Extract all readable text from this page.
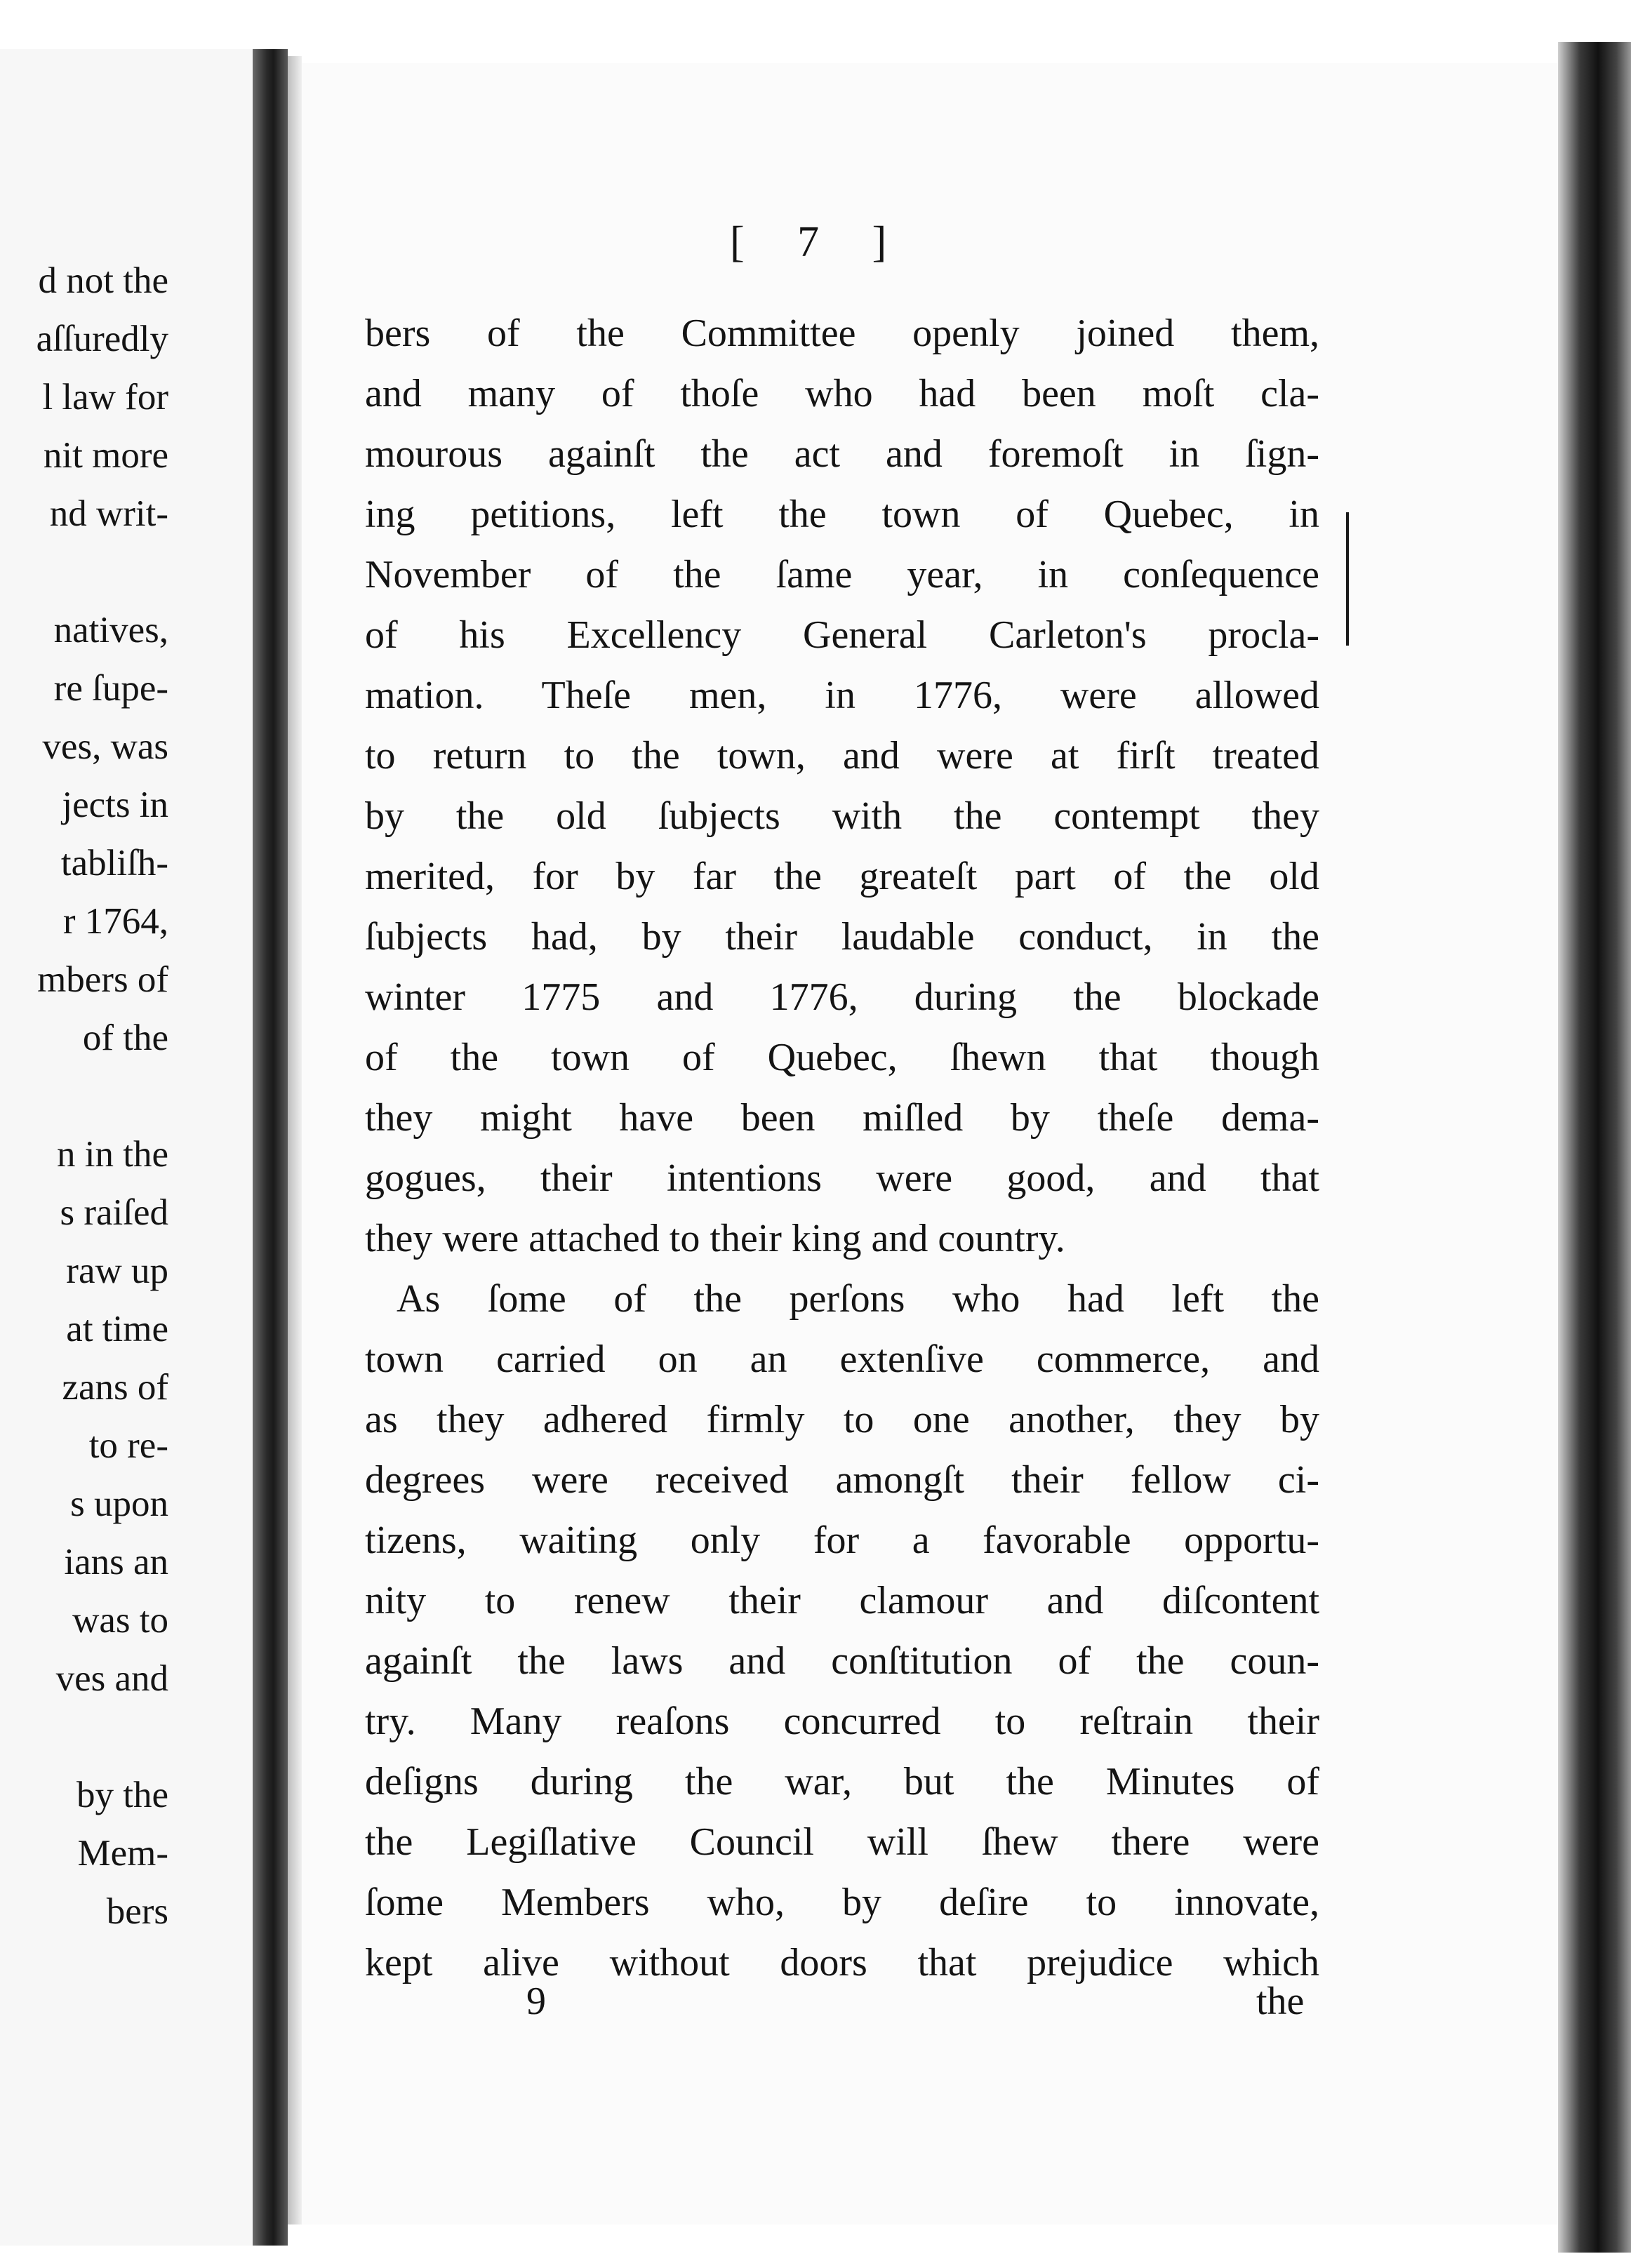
d not the
aſſuredly
l law for
nit more
nd writ-
natives,
re ſupe-
ves, was
jects in
tabliſh-
r 1764,
mbers of
of the
n in the
s raiſed
raw up
at time
zans of
to re-
s upon
ians an
was to
ves and
by the
Mem-
bers
[ 7 ]
bers of the Committee openly joined them,
and many of thoſe who had been moſt cla-
mourous againſt the act and foremoſt in ſign-
ing petitions, left the town of Quebec, in
November of the ſame year, in conſequence
of his Excellency General Carleton's procla-
mation. Theſe men, in 1776, were allowed
to return to the town, and were at firſt treated
by the old ſubjects with the contempt they
merited, for by far the greateſt part of the old
ſubjects had, by their laudable conduct, in the
winter 1775 and 1776, during the blockade
of the town of Quebec, ſhewn that though
they might have been miſled by theſe dema-
gogues, their intentions were good, and that
they were attached to their king and country.
As ſome of the perſons who had left the
town carried on an extenſive commerce, and
as they adhered firmly to one another, they by
degrees were received amongſt their fellow ci-
tizens, waiting only for a favorable opportu-
nity to renew their clamour and diſcontent
againſt the laws and conſtitution of the coun-
try. Many reaſons concurred to reſtrain their
deſigns during the war, but the Minutes of
the Legiſlative Council will ſhew there were
ſome Members who, by deſire to innovate,
kept alive without doors that prejudice which
9	the
